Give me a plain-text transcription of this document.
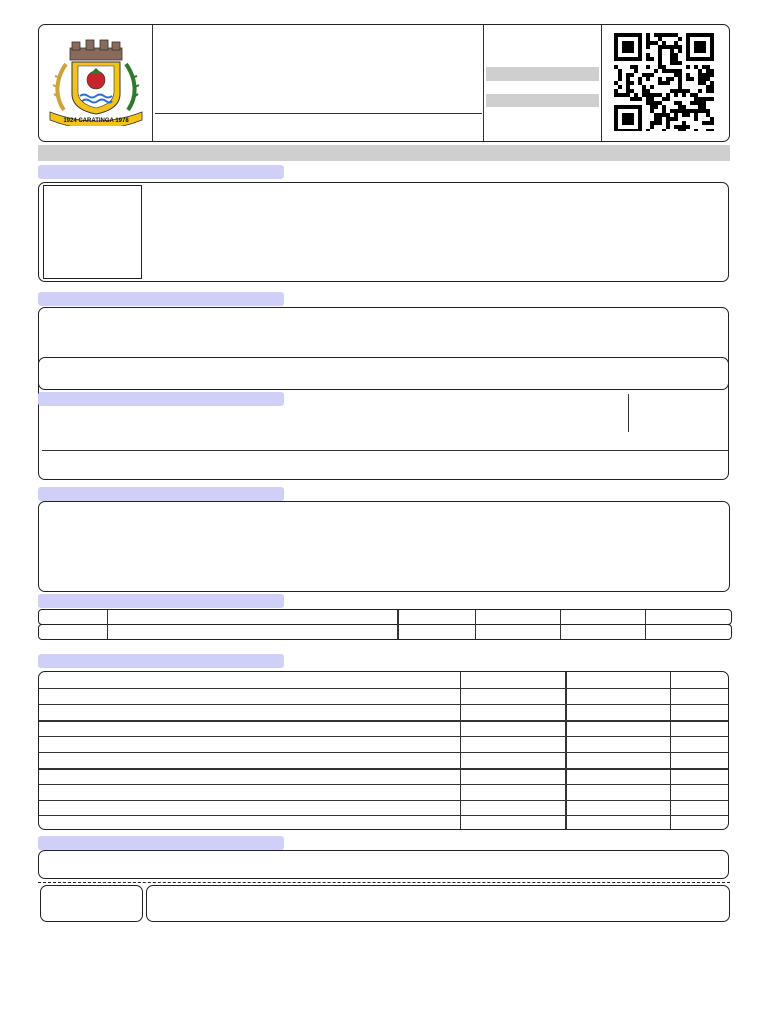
1924 CARATINGA 1978
